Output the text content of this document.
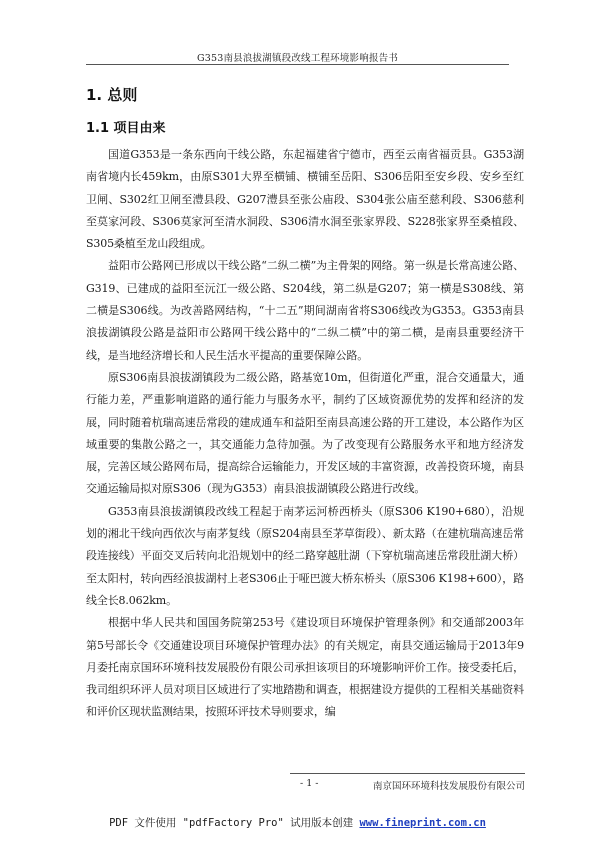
G353南县浪拔湖镇段改线工程环境影响报告书
1. 总则
1.1 项目由来

国道G353是一条东西向干线公路，东起福建省宁德市，西至云南省福贡县。G353湖南省境内长459km，由原S301大界至横铺、横铺至岳阳、S306岳阳至安乡段、安乡至红卫闸、S302红卫闸至澧县段、G207澧县至张公庙段、S304张公庙至慈利段、S306慈利至莫家河段、S306莫家河至清水洞段、S306清水洞至张家界段、S228张家界至桑植段、S305桑植至龙山段组成。

益阳市公路网已形成以干线公路“二纵二横”为主骨架的网络。第一纵是长常高速公路、G319、已建成的益阳至沅江一级公路、S204线，第二纵是G207；第一横是S308线、第二横是S306线。为改善路网结构，“十二五”期间湖南省将S306线改为G353。G353南县浪拔湖镇段公路是益阳市公路网干线公路中的“二纵二横”中的第二横，是南县重要经济干线，是当地经济增长和人民生活水平提高的重要保障公路。

原S306南县浪拔湖镇段为二级公路，路基宽10m，但街道化严重，混合交通量大，通行能力差，严重影响道路的通行能力与服务水平，制约了区域资源优势的发挥和经济的发展，同时随着杭瑞高速岳常段的建成通车和益阳至南县高速公路的开工建设，本公路作为区域重要的集散公路之一，其交通能力急待加强。为了改变现有公路服务水平和地方经济发展，完善区域公路网布局，提高综合运输能力，开发区域的丰富资源，改善投资环境，南县交通运输局拟对原S306（现为G353）南县浪拔湖镇段公路进行改线。

G353南县浪拔湖镇段改线工程起于南茅运河桥西桥头（原S306 K190+680），沿规划的湘北干线向西依次与南茅复线（原S204南县至茅草街段）、新太路（在建杭瑞高速岳常段连接线）平面交叉后转向北沿规划中的经二路穿越肚湖（下穿杭瑞高速岳常段肚湖大桥）至太阳村，转向西经浪拔湖村上老S306止于哑巴渡大桥东桥头（原S306 K198+600），路线全长8.062km。

根据中华人民共和国国务院第253号《建设项目环境保护管理条例》和交通部2003年第5号部长令《交通建设项目环境保护管理办法》的有关规定，南县交通运输局于2013年9月委托南京国环环境科技发展股份有限公司承担该项目的环境影响评价工作。接受委托后，我司组织环评人员对项目区域进行了实地踏勘和调查，根据建设方提供的工程相关基础资料和评价区现状监测结果，按照环评技术导则要求，编

- 1 -	南京国环环境科技发展股份有限公司
PDF 文件使用 "pdfFactory Pro" 试用版本创建 www.fineprint.com.cn
